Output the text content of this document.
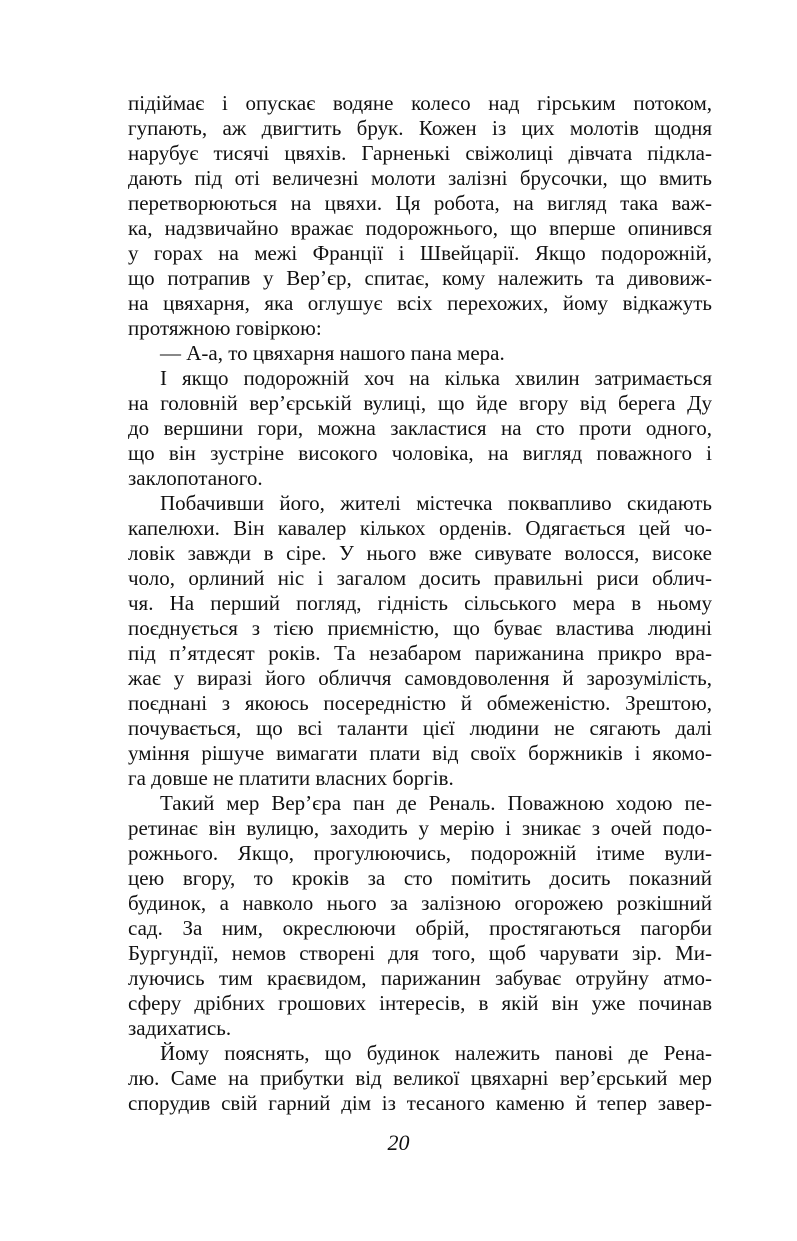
підіймає і опускає водяне колесо над гірським потоком,
гупають, аж двигтить брук. Кожен із цих молотів щодня
нарубує тисячі цвяхів. Гарненькі свіжолиці дівчата підкла-
дають під оті величезні молоти залізні брусочки, що вмить
перетворюються на цвяхи. Ця робота, на вигляд така важ-
ка, надзвичайно вражає подорожнього, що вперше опинився
у горах на межі Франції і Швейцарії. Якщо подорожній,
що потрапив у Вер’єр, спитає, кому належить та дивовиж-
на цвяхарня, яка оглушує всіх перехожих, йому відкажуть
протяжною говіркою:
— А-а, то цвяхарня нашого пана мера.
І якщо подорожній хоч на кілька хвилин затримається
на головній вер’єрській вулиці, що йде вгору від берега Ду
до вершини гори, можна закластися на сто проти одного,
що він зустріне високого чоловіка, на вигляд поважного і
заклопотаного.
Побачивши його, жителі містечка поквапливо скидають
капелюхи. Він кавалер кількох орденів. Одягається цей чо-
ловік завжди в сіре. У нього вже сивувате волосся, високе
чоло, орлиний ніс і загалом досить правильні риси облич-
чя. На перший погляд, гідність сільського мера в ньому
поєднується з тією приємністю, що буває властива людині
під п’ятдесят років. Та незабаром парижанина прикро вра-
жає у виразі його обличчя самовдоволення й зарозумілість,
поєднані з якоюсь посередністю й обмеженістю. Зрештою,
почувається, що всі таланти цієї людини не сягають далі
уміння рішуче вимагати плати від своїх боржників і якомо-
га довше не платити власних боргів.
Такий мер Вер’єра пан де Реналь. Поважною ходою пе-
ретинає він вулицю, заходить у мерію і зникає з очей подо-
рожнього. Якщо, прогулюючись, подорожній ітиме вули-
цею вгору, то кроків за сто помітить досить показний
будинок, а навколо нього за залізною огорожею розкішний
сад. За ним, окреслюючи обрій, простягаються пагорби
Бургундії, немов створені для того, щоб чарувати зір. Ми-
луючись тим краєвидом, парижанин забуває отруйну атмо-
сферу дрібних грошових інтересів, в якій він уже починав
задихатись.
Йому пояснять, що будинок належить панові де Рена-
лю. Саме на прибутки від великої цвяхарні вер’єрський мер
спорудив свій гарний дім із тесаного каменю й тепер завер-
20
